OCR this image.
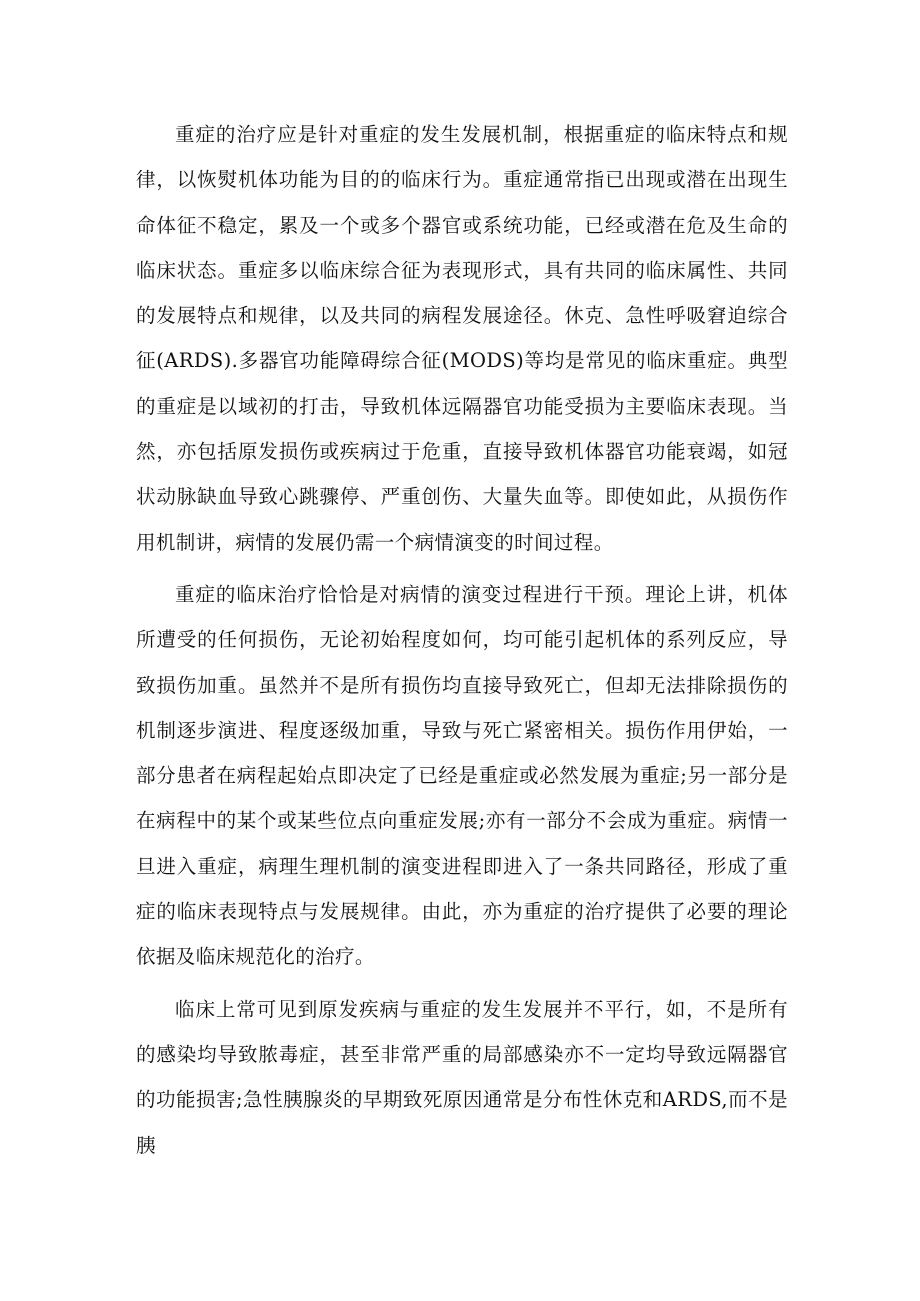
重症的治疗应是针对重症的发生发展机制，根据重症的临床特点和规律，以恢熨机体功能为目的的临床行为。重症通常指已出现或潜在出现生命体征不稳定，累及一个或多个器官或系统功能，已经或潜在危及生命的临床状态。重症多以临床综合征为表现形式，具有共同的临床属性、共同的发展特点和规律，以及共同的病程发展途径。休克、急性呼吸窘迫综合征(ARDS).多器官功能障碍综合征(MODS)等均是常见的临床重症。典型的重症是以域初的打击，导致机体远隔器官功能受损为主要临床表现。当然，亦包括原发损伤或疾病过于危重，直接导致机体器官功能衰竭，如冠状动脉缺血导致心跳骤停、严重创伤、大量失血等。即使如此，从损伤作用机制讲，病情的发展仍需一个病情演变的时间过程。

重症的临床治疗恰恰是对病情的演变过程进行干预。理论上讲，机体所遭受的任何损伤，无论初始程度如何，均可能引起机体的系列反应，导致损伤加重。虽然并不是所有损伤均直接导致死亡，但却无法排除损伤的机制逐步演进、程度逐级加重，导致与死亡紧密相关。损伤作用伊始，一部分患者在病程起始点即决定了已经是重症或必然发展为重症;另一部分是在病程中的某个或某些位点向重症发展;亦有一部分不会成为重症。病情一旦进入重症，病理生理机制的演变进程即进入了一条共同路径，形成了重症的临床表现特点与发展规律。由此，亦为重症的治疗提供了必要的理论依据及临床规范化的治疗。

临床上常可见到原发疾病与重症的发生发展并不平行，如，不是所有的感染均导致脓毒症，甚至非常严重的局部感染亦不一定均导致远隔器官的功能损害;急性胰腺炎的早期致死原因通常是分布性休克和ARDS,而不是胰
